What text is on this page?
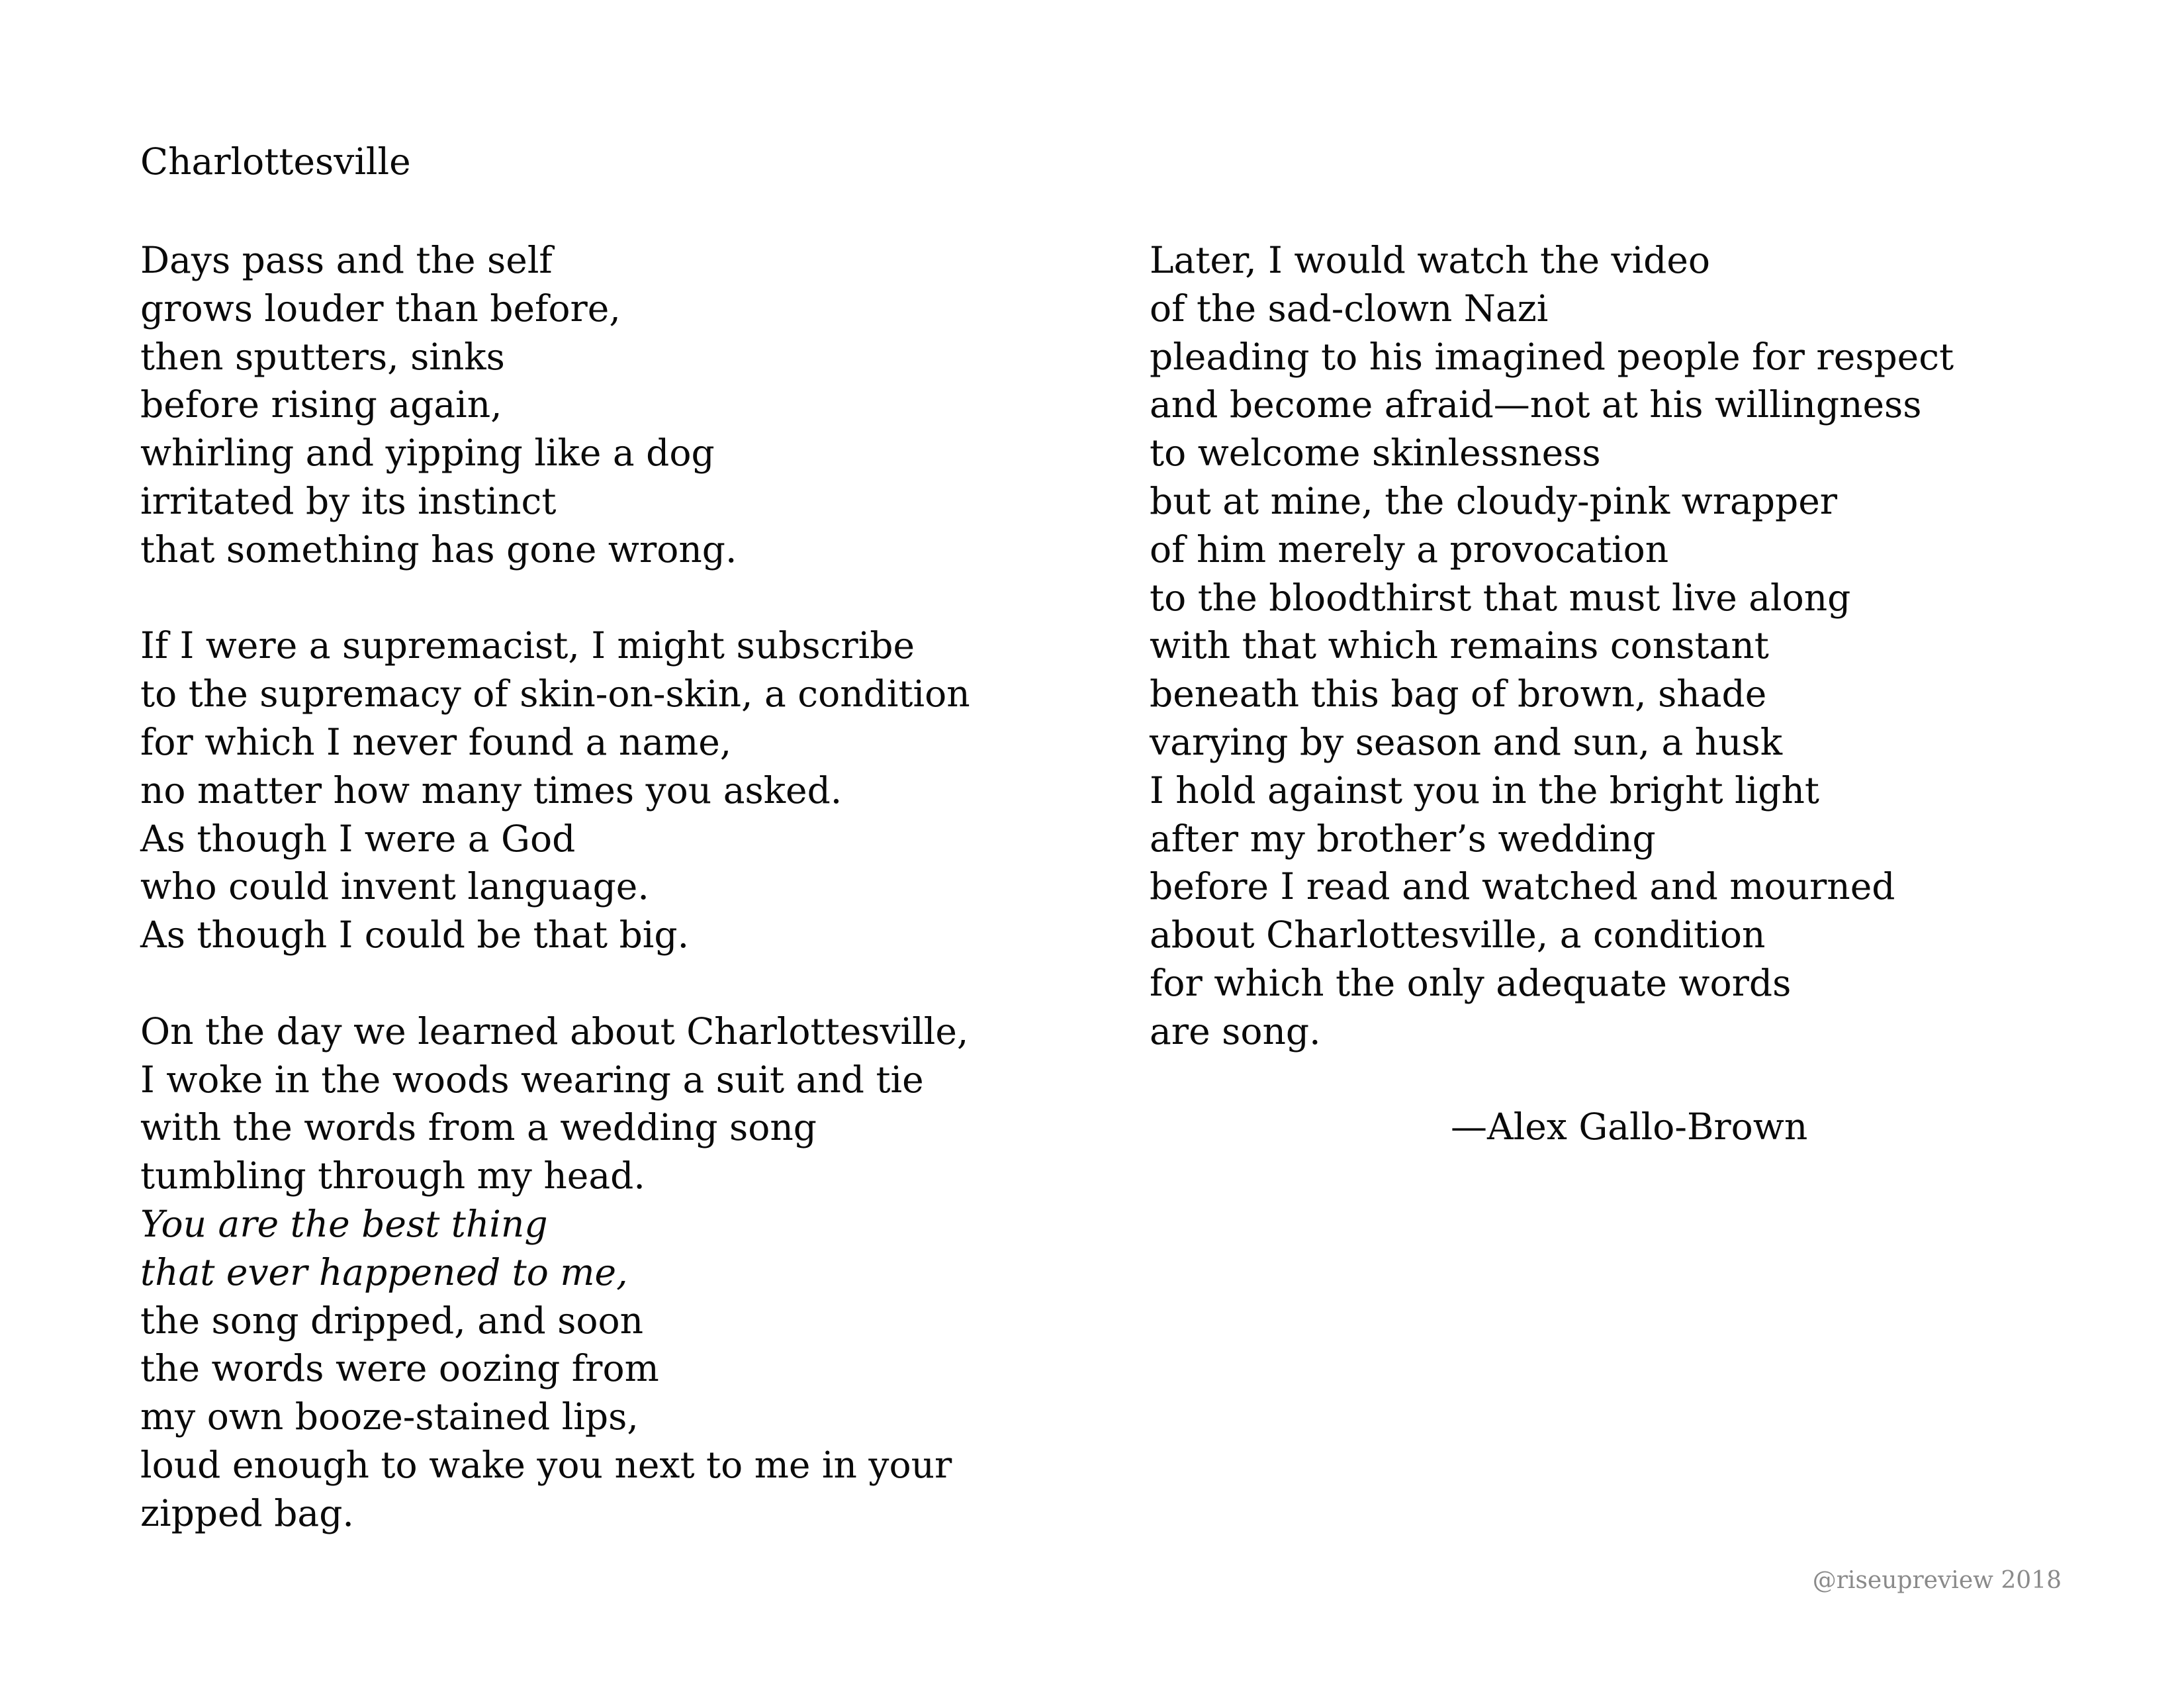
Charlottesville
Days pass and the self
grows louder than before,
then sputters, sinks
before rising again,
whirling and yipping like a dog
irritated by its instinct
that something has gone wrong.
If I were a supremacist, I might subscribe
to the supremacy of skin-on-skin, a condition
for which I never found a name,
no matter how many times you asked.
As though I were a God
who could invent language.
As though I could be that big.
On the day we learned about Charlottesville,
I woke in the woods wearing a suit and tie
with the words from a wedding song
tumbling through my head.
You are the best thing
that ever happened to me,
the song dripped, and soon
the words were oozing from
my own booze-stained lips,
loud enough to wake you next to me in your
zipped bag.
Later, I would watch the video
of the sad-clown Nazi
pleading to his imagined people for respect
and become afraid—not at his willingness
to welcome skinlessness
but at mine, the cloudy-pink wrapper
of him merely a provocation
to the bloodthirst that must live along
with that which remains constant
beneath this bag of brown, shade
varying by season and sun, a husk
I hold against you in the bright light
after my brother’s wedding
before I read and watched and mourned
about Charlottesville, a condition
for which the only adequate words
are song.
—Alex Gallo-Brown
@riseupreview 2018
